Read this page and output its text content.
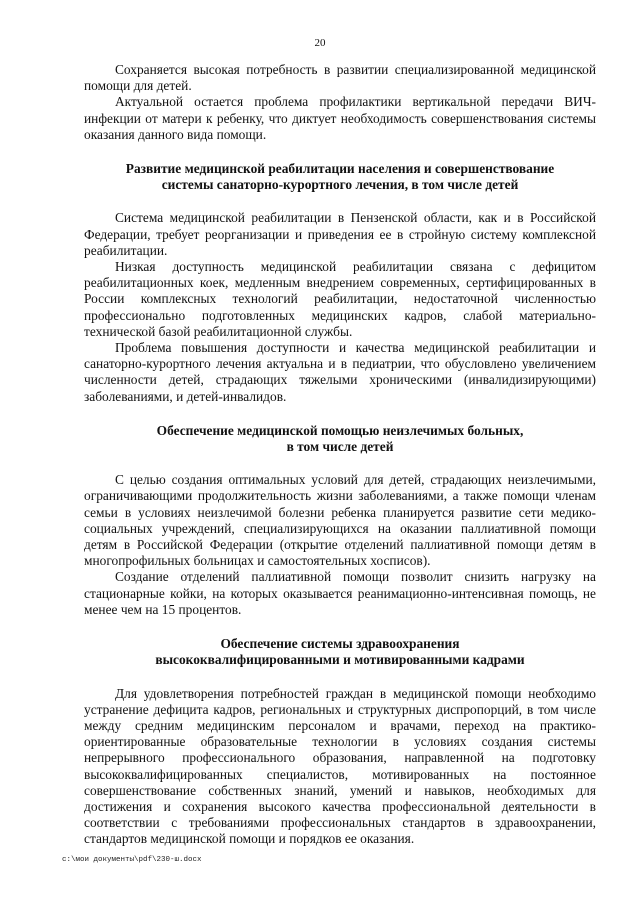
20

Сохраняется высокая потребность в развитии специализированной медицинской помощи для детей.

Актуальной остается проблема профилактики вертикальной передачи ВИЧ-инфекции от матери к ребенку, что диктует необходимость совершенствования системы оказания данного вида помощи.

Развитие медицинской реабилитации населения и совершенствование
системы санаторно-курортного лечения, в том числе детей

Система медицинской реабилитации в Пензенской области, как и в Российской Федерации, требует реорганизации и приведения ее в стройную систему комплексной реабилитации.

Низкая доступность медицинской реабилитации связана с дефицитом реабилитационных коек, медленным внедрением современных, сертифицированных в России комплексных технологий реабилитации, недостаточной численностью профессионально подготовленных медицинских кадров, слабой материально-технической базой реабилитационной службы.

Проблема повышения доступности и качества медицинской реабилитации и санаторно-курортного лечения актуальна и в педиатрии, что обусловлено увеличением численности детей, страдающих тяжелыми хроническими (инвалидизирующими) заболеваниями, и детей-инвалидов.

Обеспечение медицинской помощью неизлечимых больных,
в том числе детей

С целью создания оптимальных условий для детей, страдающих неизлечимыми, ограничивающими продолжительность жизни заболеваниями, а также помощи членам семьи в условиях неизлечимой болезни ребенка планируется развитие сети медико-социальных учреждений, специализирующихся на оказании паллиативной помощи детям в Российской Федерации (открытие отделений паллиативной помощи детям в многопрофильных больницах и самостоятельных хосписов).

Создание отделений паллиативной помощи позволит снизить нагрузку на стационарные койки, на которых оказывается реанимационно-интенсивная помощь, не менее чем на 15 процентов.

Обеспечение системы здравоохранения
высококвалифицированными и мотивированными кадрами

Для удовлетворения потребностей граждан в медицинской помощи необходимо устранение дефицита кадров, региональных и структурных диспропорций, в том числе между средним медицинским персоналом и врачами, переход на практико-ориентированные образовательные технологии в условиях создания системы непрерывного профессионального образования, направленной на подготовку высококвалифицированных специалистов, мотивированных на постоянное совершенствование собственных знаний, умений и навыков, необходимых для достижения и сохранения высокого качества профессиональной деятельности в соответствии с требованиями профессиональных стандартов в здравоохранении, стандартов медицинской помощи и порядков ее оказания.

c:\мои документы\pdf\230-ш.docx
